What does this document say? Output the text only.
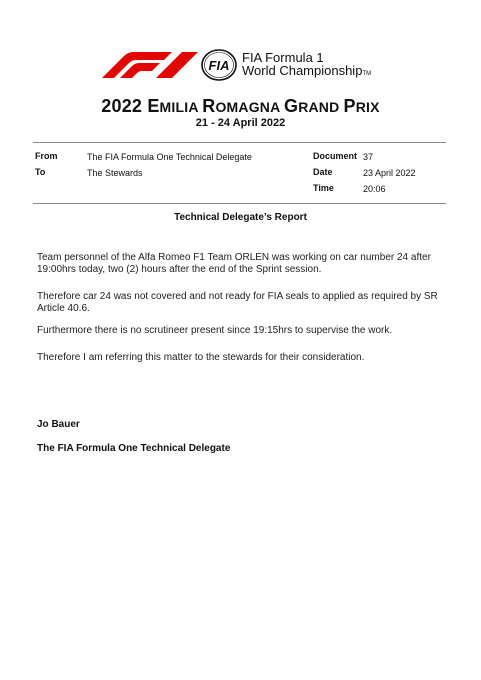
FIA
FIA Formula 1
World ChampionshipTM
2022 EMILIA ROMAGNA GRAND PRIX
21 - 24 April 2022
From	The FIA Formula One Technical Delegate
To	The Stewards
Document 37
Date	23 April 2022
Time	20:06
Technical Delegate’s Report
Team personnel of the Alfa Romeo F1 Team ORLEN was working on car number 24 after 19:00hrs today, two (2) hours after the end of the Sprint session.
Therefore car 24 was not covered and not ready for FIA seals to applied as required by SR Article 40.6.
Furthermore there is no scrutineer present since 19:15hrs to supervise the work.
Therefore I am referring this matter to the stewards for their consideration.
Jo Bauer
The FIA Formula One Technical Delegate
